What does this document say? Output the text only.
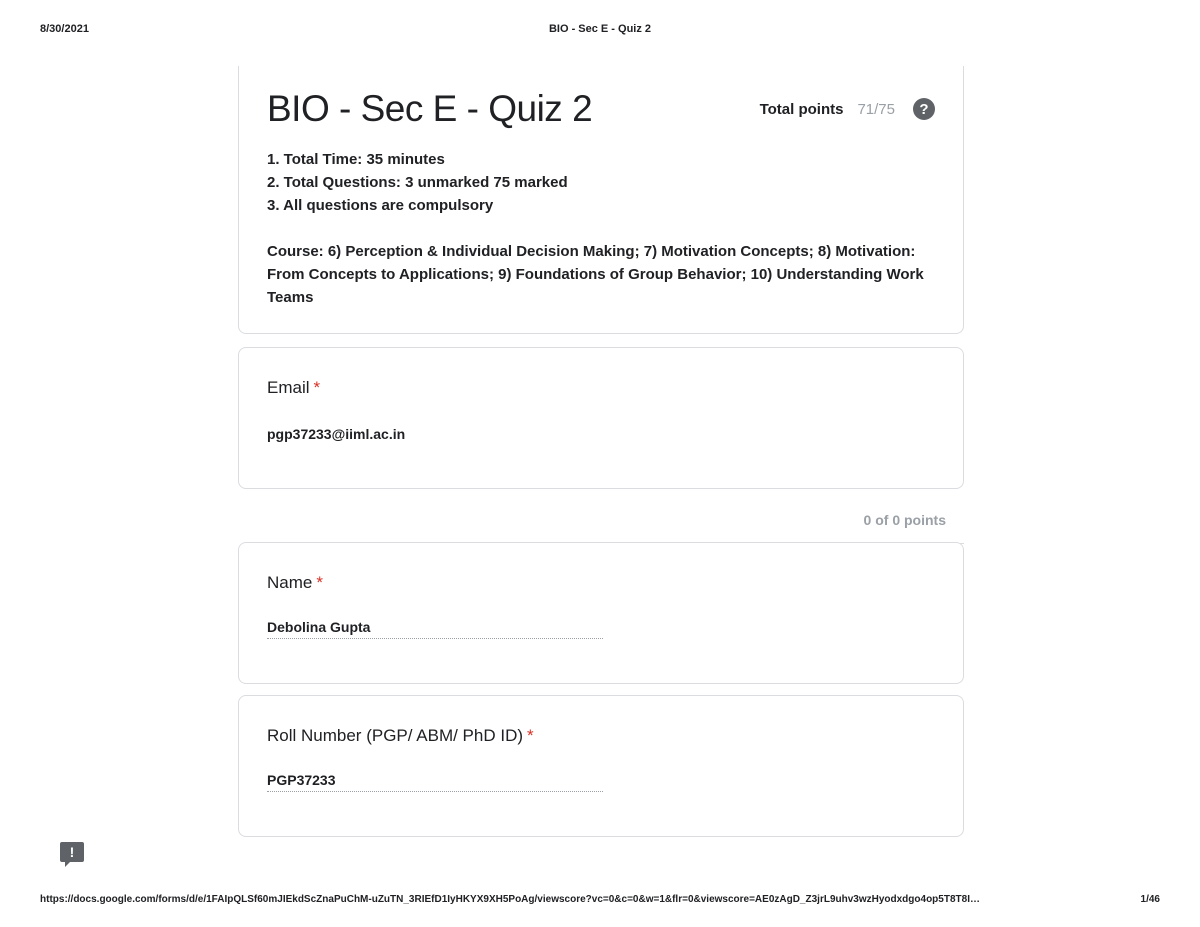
8/30/2021	BIO - Sec E - Quiz 2
BIO - Sec E - Quiz 2	Total points 71/75	?

1. Total Time: 35 minutes

2. Total Questions: 3 unmarked 75 marked

3. All questions are compulsory

Course: 6) Perception & Individual Decision Making; 7) Motivation Concepts; 8) Motivation: From Concepts to Applications; 9) Foundations of Group Behavior; 10) Understanding Work Teams

Email *
pgp37233@iiml.ac.in
0 of 0 points
Name *
Debolina Gupta
Roll Number (PGP/ ABM/ PhD ID) *
PGP37233
!
https://docs.google.com/forms/d/e/1FAIpQLSf60mJIEkdScZnaPuChM-uZuTN_3RIEfD1IyHKYX9XH5PoAg/viewscore?vc=0&c=0&w=1&flr=0&viewscore=AE0zAgD_Z3jrL9uhv3wzHyodxdgo4op5T8T8I…	1/46
